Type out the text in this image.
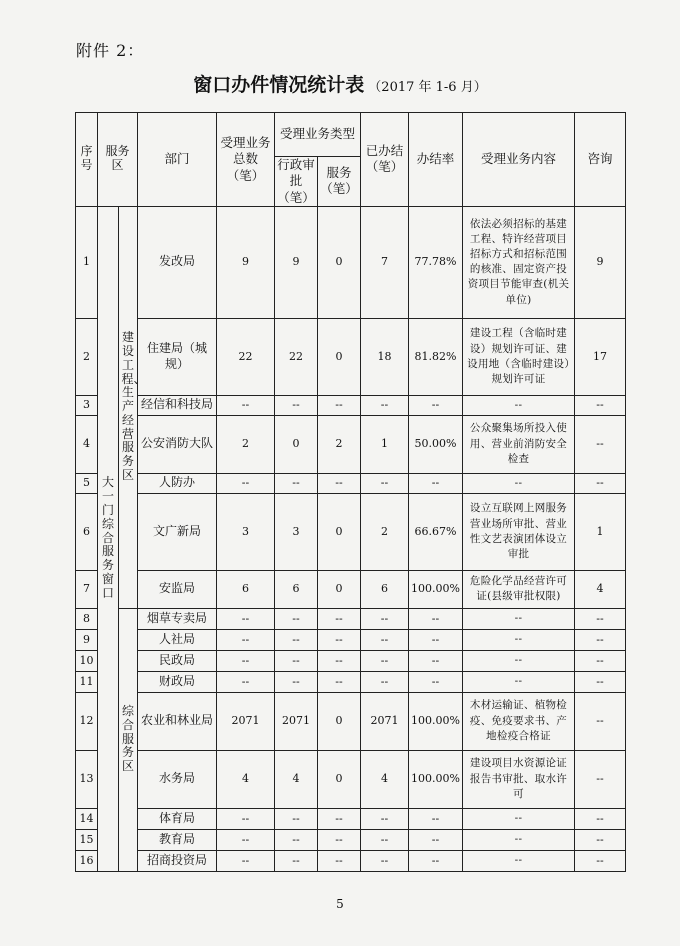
附件 2：
窗口办件情况统计表 （2017 年 1-6 月）
序号	服务区		部门	受理业务总数（笔）	受理业务类型		已办结（笔）	办结率	受理业务内容	咨询
					行政审批（笔）	服务（笔）				
1	大一门综合服务窗口	建设工程、生产经营服务区	发改局	9	9	0	7	77.78%	依法必须招标的基建工程、特许经营项目招标方式和招标范围的核准、固定资产投资项目节能审查(机关单位)	9
2			住建局（城规）	22	22	0	18	81.82%	建设工程（含临时建设）规划许可证、建设用地（含临时建设）规划许可证	17
3			经信和科技局	--	--	--	--	--	--	--
4			公安消防大队	2	0	2	1	50.00%	公众聚集场所投入使用、营业前消防安全检查	--
5			人防办	--	--	--	--	--	--	--
6			文广新局	3	3	0	2	66.67%	设立互联网上网服务营业场所审批、营业性文艺表演团体设立审批	1
7			安监局	6	6	0	6	100.00%	危险化学品经营许可证(县级审批权限)	4
8		综合服务区	烟草专卖局	--	--	--	--	--	--	--
9			人社局	--	--	--	--	--	--	--
10			民政局	--	--	--	--	--	--	--
11			财政局	--	--	--	--	--	--	--
12			农业和林业局	2071	2071	0	2071	100.00%	木材运输证、植物检疫、免疫要求书、产地检疫合格证	--
13			水务局	4	4	0	4	100.00%	建设项目水资源论证报告书审批、取水许可	--
14			体育局	--	--	--	--	--	--	--
15			教育局	--	--	--	--	--	--	--
16			招商投资局	--	--	--	--	--	--	--
5
